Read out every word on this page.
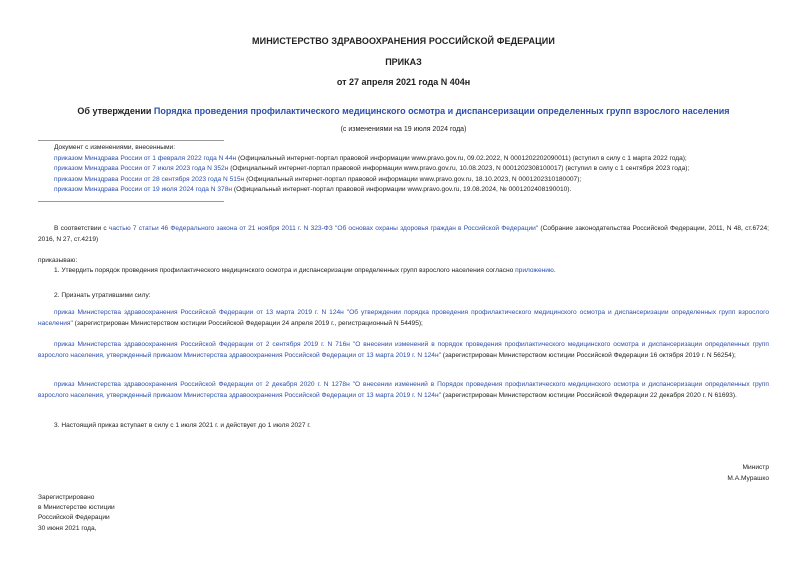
МИНИСТЕРСТВО ЗДРАВООХРАНЕНИЯ РОССИЙСКОЙ ФЕДЕРАЦИИ
ПРИКАЗ
от 27 апреля 2021 года N 404н
Об утверждении Порядка проведения профилактического медицинского осмотра и диспансеризации определенных групп взрослого населения
(с изменениями на 19 июля 2024 года)
Документ с изменениями, внесенными:
приказом Минздрава России от 1 февраля 2022 года N 44н (Официальный интернет-портал правовой информации www.pravo.gov.ru, 09.02.2022, N 0001202202090011) (вступил в силу с 1 марта 2022 года);
приказом Минздрава России от 7 июля 2023 года N 352н (Официальный интернет-портал правовой информации www.pravo.gov.ru, 10.08.2023, N 0001202308100017) (вступил в силу с 1 сентября 2023 года);
приказом Минздрава России от 28 сентября 2023 года N 515н (Официальный интернет-портал правовой информации www.pravo.gov.ru, 18.10.2023, N 0001202310180007);
приказом Минздрава России от 19 июля 2024 года N 378н (Официальный интернет-портал правовой информации www.pravo.gov.ru, 19.08.2024, № 0001202408190010).
В соответствии с частью 7 статьи 46 Федерального закона от 21 ноября 2011 г. N 323-ФЗ "Об основах охраны здоровья граждан в Российской Федерации" (Собрание законодательства Российской Федерации, 2011, N 48, ст.6724; 2016, N 27, ст.4219)
приказываю:
1. Утвердить порядок проведения профилактического медицинского осмотра и диспансеризации определенных групп взрослого населения согласно приложению.
2. Признать утратившими силу:
приказ Министерства здравоохранения Российской Федерации от 13 марта 2019 г. N 124н "Об утверждении порядка проведения профилактического медицинского осмотра и диспансеризации определенных групп взрослого населения" (зарегистрирован Министерством юстиции Российской Федерации 24 апреля 2019 г., регистрационный N 54495);
приказ Министерства здравоохранения Российской Федерации от 2 сентября 2019 г. N 716н "О внесении изменений в порядок проведения профилактического медицинского осмотра и диспансеризации определенных групп взрослого населения, утвержденный приказом Министерства здравоохранения Российской Федерации от 13 марта 2019 г. N 124н" (зарегистрирован Министерством юстиции Российской Федерации 16 октября 2019 г. N 56254);
приказ Министерства здравоохранения Российской Федерации от 2 декабря 2020 г. N 1278н "О внесении изменений в Порядок проведения профилактического медицинского осмотра и диспансеризации определенных групп взрослого населения, утвержденный приказом Министерства здравоохранения Российской Федерации от 13 марта 2019 г. N 124н" (зарегистрирован Министерством юстиции Российской Федерации 22 декабря 2020 г. N 61693).
3. Настоящий приказ вступает в силу с 1 июля 2021 г. и действует до 1 июля 2027 г.
Министр
М.А.Мурашко
Зарегистрировано
в Министерстве юстиции
Российской Федерации
30 июня 2021 года,
